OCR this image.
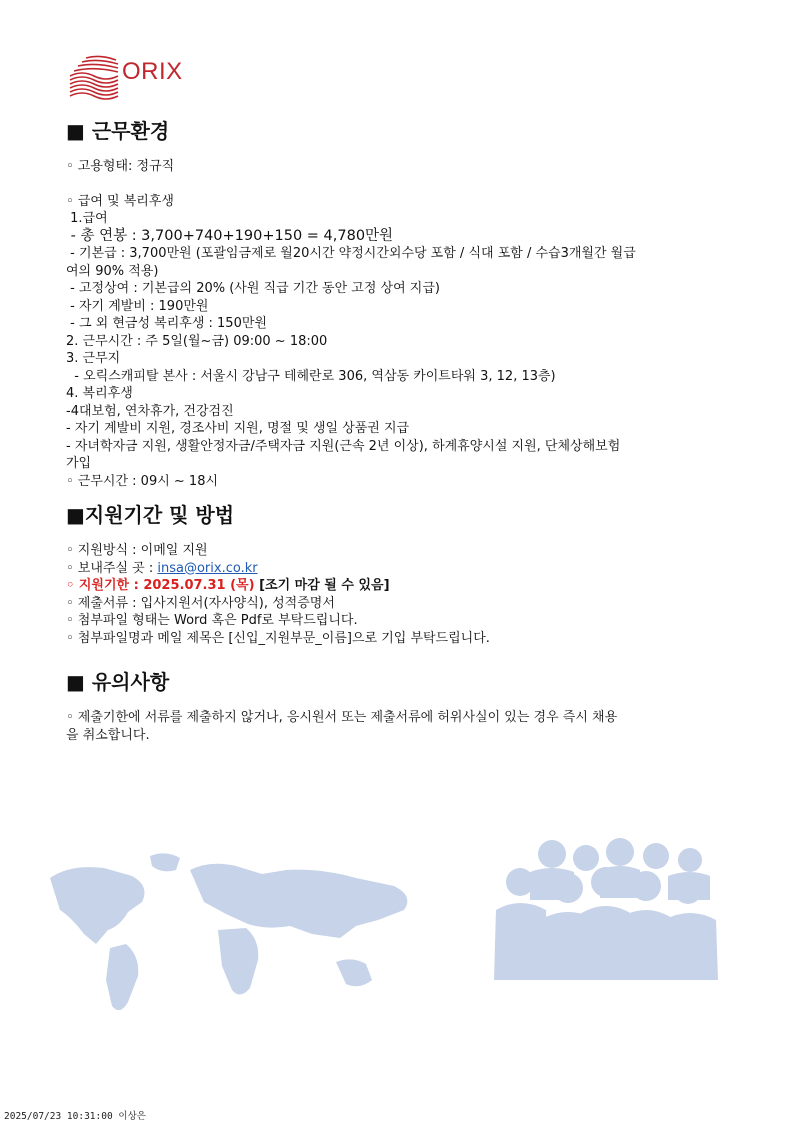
ORIX
■ 근무환경

◦ 고용형태: 정규직

◦ 급여 및 복리후생

1.급여

- 총 연봉 : 3,700+740+190+150 = 4,780만원

- 기본급 : 3,700만원 (포괄임금제로 월20시간 약정시간외수당 포함 / 식대 포함 / 수습3개월간 월급

여의 90% 적용)

- 고정상여 : 기본급의 20% (사원 직급 기간 동안 고정 상여 지급)

- 자기 계발비 : 190만원

- 그 외 현금성 복리후생 : 150만원

2. 근무시간 : 주 5일(월~금) 09:00 ~ 18:00

3. 근무지

- 오릭스캐피탈 본사 : 서울시 강남구 테헤란로 306, 역삼동 카이트타워 3, 12, 13층)

4. 복리후생

-4대보험, 연차휴가, 건강검진

- 자기 계발비 지원, 경조사비 지원, 명절 및 생일 상품권 지급

- 자녀학자금 지원, 생활안정자금/주택자금 지원(근속 2년 이상), 하계휴양시설 지원, 단체상해보험

가입

◦ 근무시간 : 09시 ~ 18시

■지원기간 및 방법

◦ 지원방식 : 이메일 지원

◦ 보내주실 곳 : insa@orix.co.kr

◦ 지원기한 : 2025.07.31 (목) [조기 마감 될 수 있음]

◦ 제출서류 : 입사지원서(자사양식), 성적증명서

◦ 첨부파일 형태는 Word 혹은 Pdf로 부탁드립니다.

◦ 첨부파일명과 메일 제목은 [신입_지원부문_이름]으로 기입 부탁드립니다.

■ 유의사항

◦ 제출기한에 서류를 제출하지 않거나, 응시원서 또는 제출서류에 허위사실이 있는 경우 즉시 채용

을 취소합니다.

2025/07/23 10:31:00 이상은
